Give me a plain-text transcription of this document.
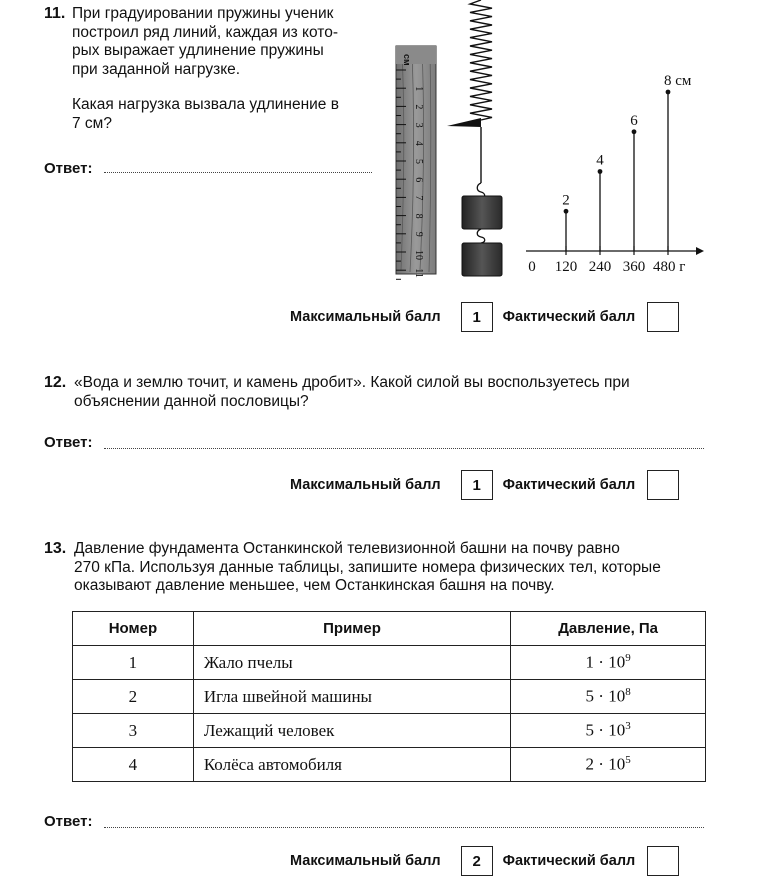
11. При градуировании пружины ученик
построил ряд линий, каждая из кото-
рых выражает удлинение пружины
при заданной нагрузке.
Какая нагрузка вызвала удлинение в
7 см?
Ответ:
1
2
3
4
5
6
7
8
9
10
11
см
2
4
6
8 см
0 120 240 360 480 г
Максимальный балл	1	Фактический балл
12. «Вода и землю точит, и камень дробит». Какой силой вы воспользуетесь при
объяснении данной пословицы?
Ответ:
Максимальный балл	1	Фактический балл
13. Давление фундамента Останкинской телевизионной башни на почву равно
270 кПа. Используя данные таблицы, запишите номера физических тел, которые
оказывают давление меньшее, чем Останкинская башня на почву.
Номер	Пример	Давление, Па
1	Жало пчелы	$1 \cdot 10^9$
2	Игла швейной машины	$5 \cdot 10^8$
3	Лежащий человек	$5 \cdot 10^3$
4	Колёса автомобиля	$2 \cdot 10^5$
Ответ:
Максимальный балл	2	Фактический балл
